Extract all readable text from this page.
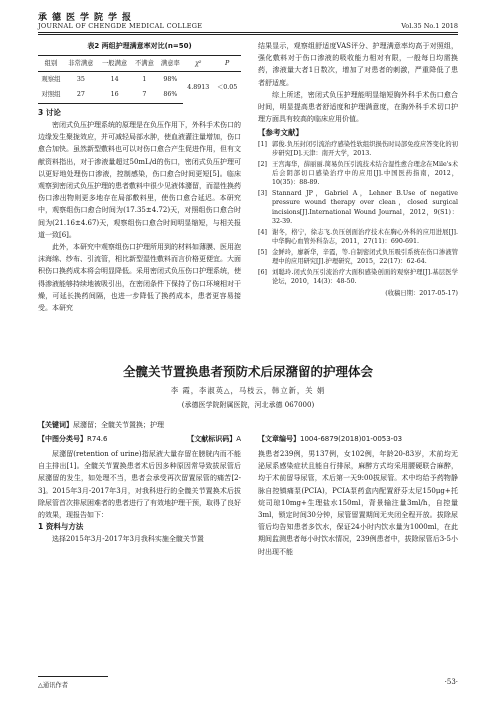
承德医学院学报
JOURNAL OF CHENGDE MEDICAL COLLEGE	Vol.35 No.1 2018
表2 两组护理满意率对比(n=50)
组别	非常满意	一般满意	不满意	满意率	χ²	P
观察组	35	14	1	98%	4.8913	＜0.05
对照组	27	16	7	86%		
3 讨论

密闭式负压护理系统的原理是在负压作用下，外科手术伤口的边缘发生聚拢效应，并可减轻局部水肿，使血液灌注量增加，伤口愈合加快。虽然新型敷料也可以对伤口愈合产生促进作用，但有文献资料指出，对于渗液量超过50mL/d的伤口，密闭式负压护理可以更好地处理伤口渗液，控制感染，伤口愈合时间更短[5]。临床观察到密闭式负压护理的患者敷料中很少见液体潴留，而湿性换药伤口渗出物则更多地存在局部敷料里，使伤口愈合延迟。本研究中，观察组伤口愈合时间为(17.35±4.72)天，对照组伤口愈合时间为(21.16±4.67)天，观察组伤口愈合时间明显缩短，与相关报道一致[6]。

此外，本研究中观察组伤口护理所用到的材料如薄膜、医用泡沫海绵、纱布、引流管，相比新型湿性敷料而言价格更便宜。大面积伤口换药成本将会明显降低。采用密闭式负压伤口护理系统，使得渗液能够持续地被吸引出，在密闭条件下保持了伤口环境相对干燥，可延长换药间隔，也进一步降低了换药成本，患者更容易接受。本研究

结果显示，观察组舒适度VAS评分、护理满意率均高于对照组，强化敷料对于伤口渗液的吸收能力相对有限，一般每日均需换药，渗液量大者1日数次，增加了对患者的刺激，严重降低了患者舒适度。

综上所述，密闭式负压护理能明显缩短胸外科手术伤口愈合时间，明显提高患者舒适度和护理满意度，在胸外科手术切口护理方面具有较高的临床应用价值。

【参考文献】
[1] 郭俊.负压封闭引流治疗感染性软组织损伤时局部免疫应答变化的初步研究[D].天津：南开大学，2013.
[2] 王宫海华，薛丽丽.简易负压引流技术结合湿性愈合理念在Mile's术后会阴部切口感染治疗中的应用[J].中国医药指南，2012，10(35)：88-89.
[3] Stannard JP，Gabriel A，Lehner B.Use of negative pressure wound therapy over clean，closed surgical incisions[J].International Wound Journal，2012，9(S1)：32-39.
[4] 谢冬，格宁，徐志飞.负压创面治疗技术在胸心外科的应用进展[J].中华胸心血管外科杂志，2011，27(11)：690-691.
[5] 金鲜玲，廖新华，辛霞，等.自制密闭式负压吸引系统在伤口渗液管理中的应用研究[J].护理研究，2015，22(17)：62-64.
[6] 刘聪玲.闭式负压引流治疗大面积感染创面的观察护理[J].基层医学论坛，2010，14(3)：48-50.
(收稿日期：2017-05-17)
全髋关节置换患者预防术后尿潴留的护理体会
李 霞，李淑英△，马枝云，韩立新，关 娟
(承德医学院附属医院，河北承德 067000)
【关键词】尿潴留；全髋关节置换；护理
【中图分类号】R74.6	【文献标识码】A 【文章编号】1004-6879(2018)01-0053-03

尿潴留(retention of urine)指尿液大量存留在膀胱内而不能自主排出[1]。全髋关节置换患者术后因多种原因常导致拔尿管后尿潴留的发生，如处理不当，患者会承受再次留置尿管的痛苦[2-3]。2015年3月-2017年3月，对我科进行的全髋关节置换术后拔除尿管首次排尿困难者的患者进行了有效地护理干预，取得了良好的效果，现报告如下：

1 资料与方法

选择2015年3月-2017年3月我科实施全髋关节置

换患者239例，男137例，女102例，年龄20-83岁，术前均无泌尿系感染症状且能自行排尿，麻醉方式均采用腰硬联合麻醉，均于术前留导尿管，术后第一天9:00拔尿管。术中均给予药物静脉自控镇痛泵(PCIA)，PCIA泵药盒内配置舒芬太尼150μg+托烷司琼10mg+生理盐水150ml，背景输注量3ml/h，自控量3ml，锁定时间30分钟，尿管留置期间无夹闭全程开放。拔除尿管后均告知患者多饮水，保证24小时内饮水量为1000ml，在此期间监测患者每小时饮水情况，239例患者中，拔除尿管后3-5小时出现不能

△通讯作者	·53·
